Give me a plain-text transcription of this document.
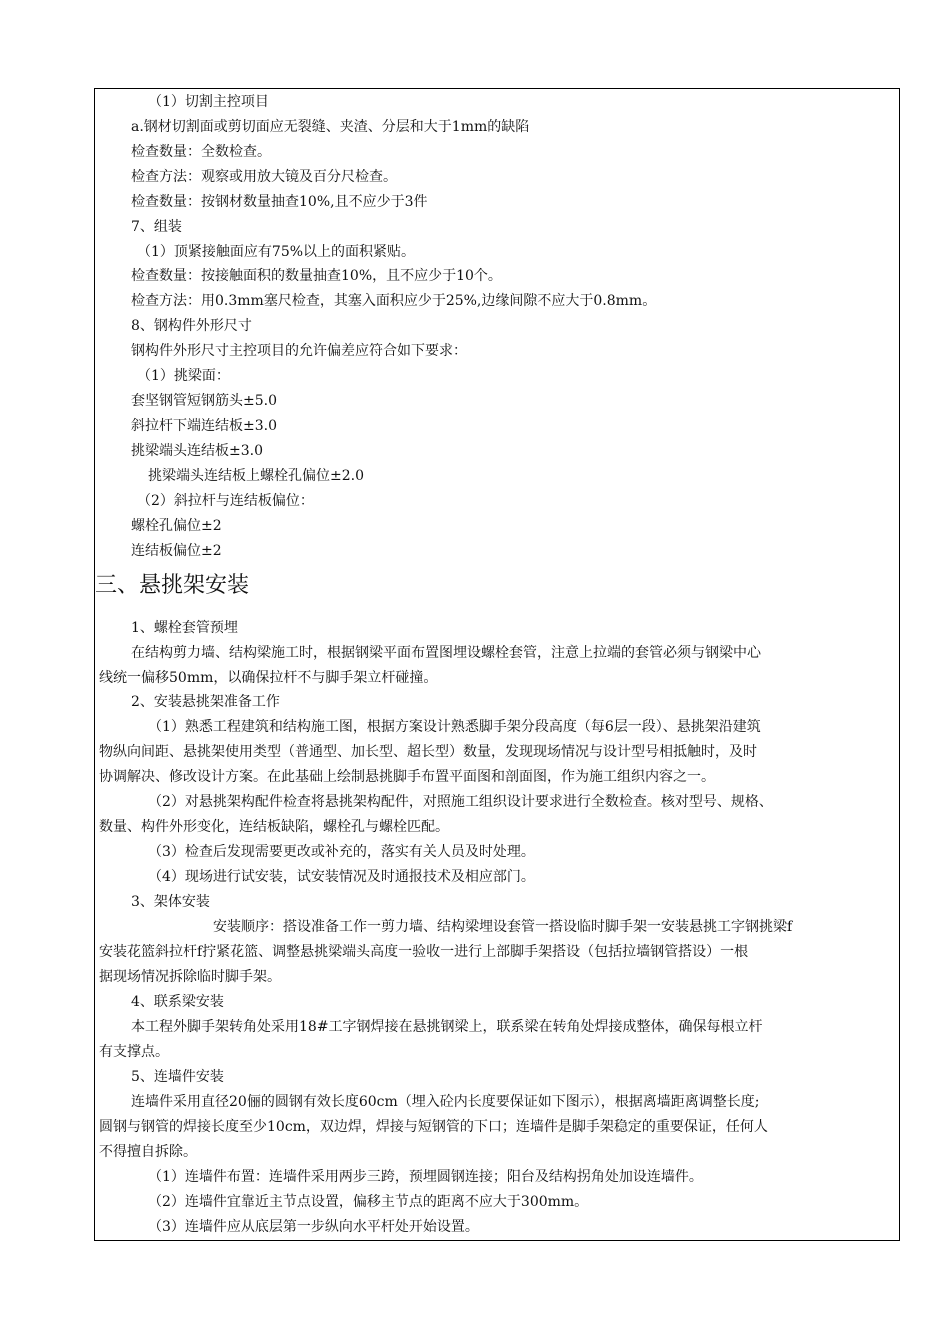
（1）切割主控项目

a.钢材切割面或剪切面应无裂缝、夹渣、分层和大于1mm的缺陷

检查数量：全数检查。

检查方法：观察或用放大镜及百分尺检查。

检查数量：按钢材数量抽查10%,且不应少于3件

7、组装

（1）顶紧接触面应有75%以上的面积紧贴。

检查数量：按接触面积的数量抽查10%，且不应少于10个。

检查方法：用0.3mm塞尺检查，其塞入面积应少于25%,边缘间隙不应大于0.8mm。

8、钢构件外形尺寸

钢构件外形尺寸主控项目的允许偏差应符合如下要求：

（1）挑梁面：

套坚钢管短钢筋头±5.0

斜拉杆下端连结板±3.0

挑梁端头连结板±3.0

挑梁端头连结板上螺栓孔偏位±2.0

（2）斜拉杆与连结板偏位：

螺栓孔偏位±2

连结板偏位±2

三、悬挑架安装

1、螺栓套管预埋

在结构剪力墙、结构梁施工时，根据钢梁平面布置图埋设螺栓套管，注意上拉端的套管必须与钢梁中心

线统一偏移50mm，以确保拉杆不与脚手架立杆碰撞。

2、安装悬挑架准备工作

（1）熟悉工程建筑和结构施工图，根据方案设计熟悉脚手架分段高度（每6层一段）、悬挑架沿建筑

物纵向间距、悬挑架使用类型（普通型、加长型、超长型）数量，发现现场情况与设计型号相抵触时，及时

协调解决、修改设计方案。在此基础上绘制悬挑脚手布置平面图和剖面图，作为施工组织内容之一。

（2）对悬挑架构配件检查将悬挑架构配件，对照施工组织设计要求进行全数检查。核对型号、规格、

数量、构件外形变化，连结板缺陷，螺栓孔与螺栓匹配。

（3）检查后发现需要更改或补充的，落实有关人员及时处理。

（4）现场进行试安装，试安装情况及时通报技术及相应部门。

3、架体安装

安装顺序：搭设准备工作一剪力墙、结构梁埋设套管一搭设临时脚手架一安装悬挑工字钢挑梁f

安装花篮斜拉杆f拧紧花篮、调整悬挑梁端头高度一验收一进行上部脚手架搭设（包括拉墙钢管搭设）一根

据现场情况拆除临时脚手架。

4、联系梁安装

本工程外脚手架转角处采用18#工字钢焊接在悬挑钢梁上，联系梁在转角处焊接成整体，确保每根立杆

有支撑点。

5、连墙件安装

连墙件采用直径20俪的圆钢有效长度60cm（埋入砼内长度要保证如下图示），根据离墙距离调整长度;

圆钢与钢管的焊接长度至少10cm，双边焊，焊接与短钢管的下口；连墙件是脚手架稳定的重要保证，任何人

不得擅自拆除。

（1）连墙件布置：连墙件采用两步三跨，预埋圆钢连接；阳台及结构拐角处加设连墙件。

（2）连墙件宜靠近主节点设置，偏移主节点的距离不应大于300mm。

（3）连墙件应从底层第一步纵向水平杆处开始设置。
